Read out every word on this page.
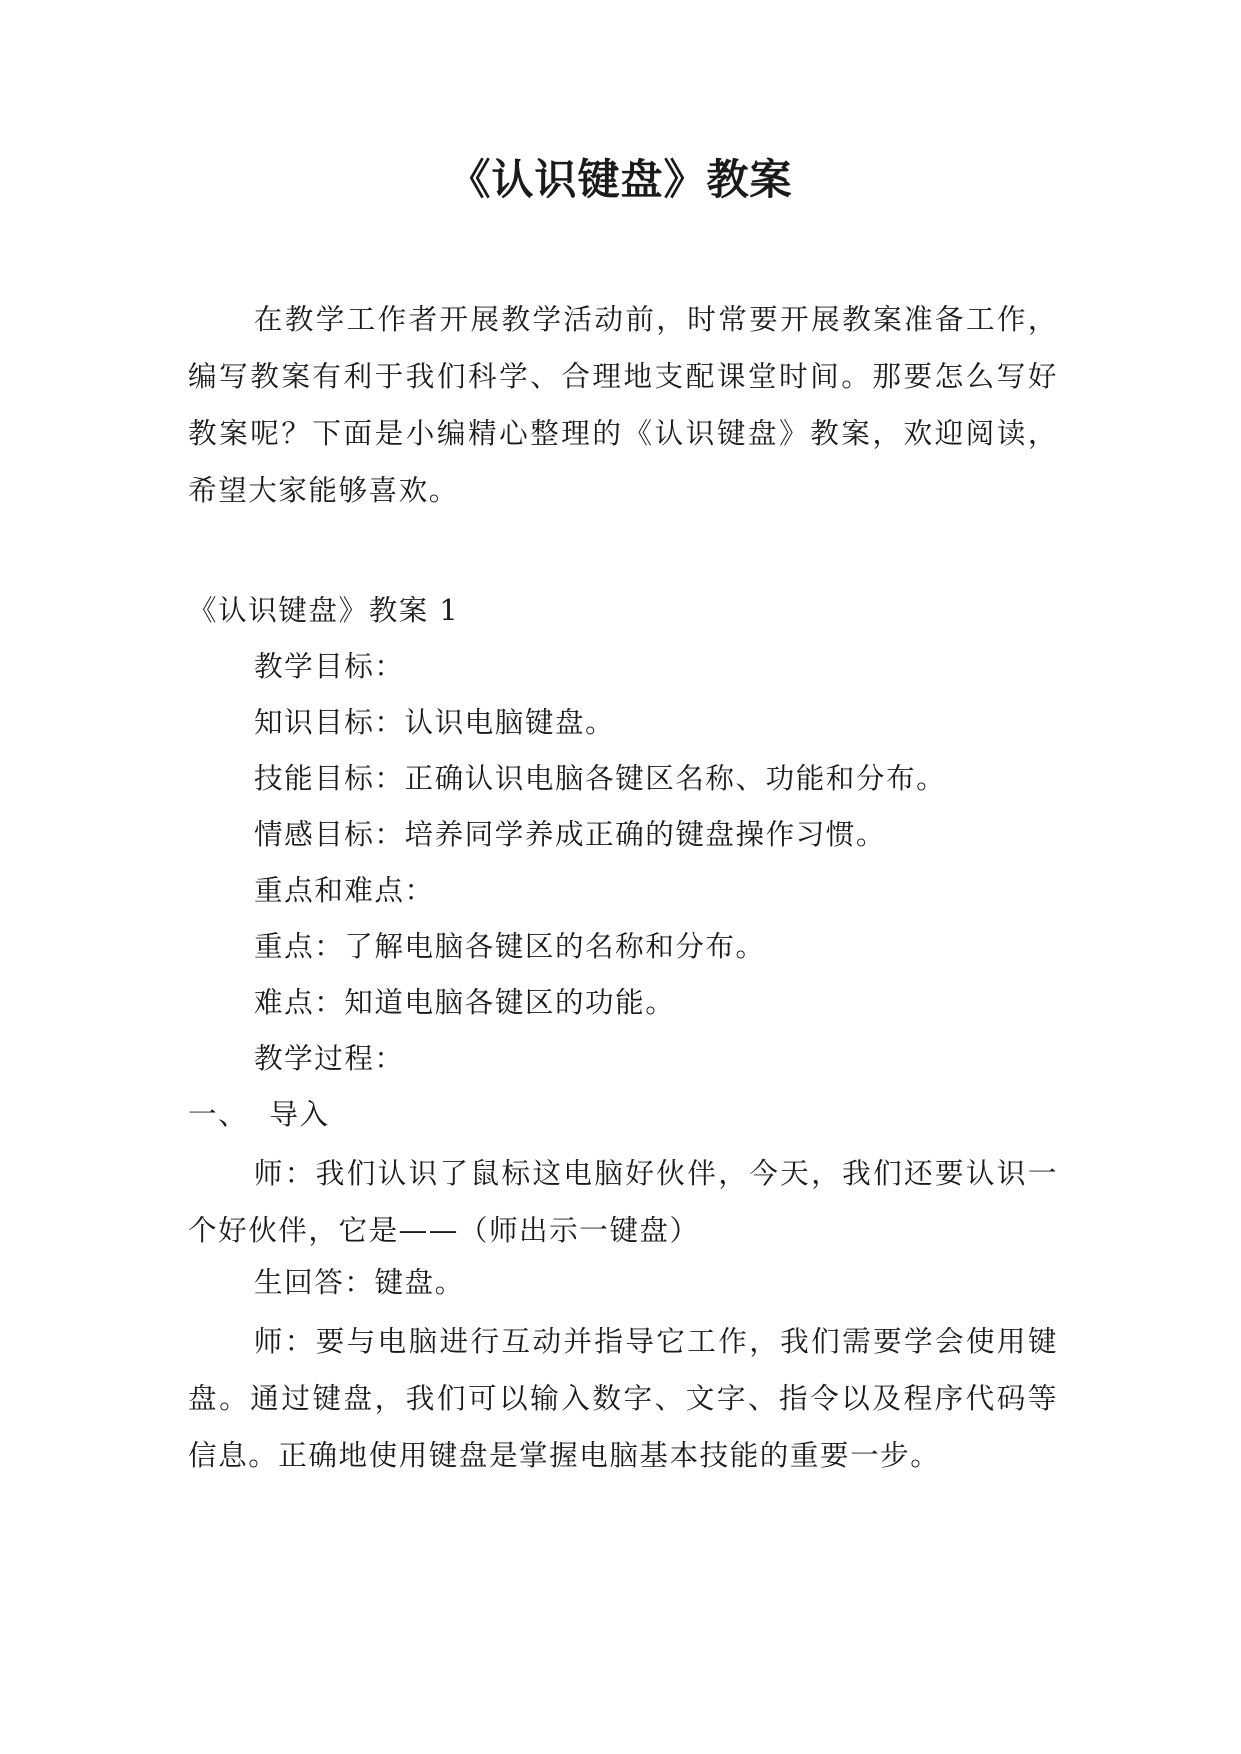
《认识键盘》教案
在教学工作者开展教学活动前，时常要开展教案准备工作，编写教案有利于我们科学、合理地支配课堂时间。那要怎么写好教案呢？下面是小编精心整理的《认识键盘》教案，欢迎阅读，希望大家能够喜欢。
《认识键盘》教案 1
教学目标：
知识目标：认识电脑键盘。
技能目标：正确认识电脑各键区名称、功能和分布。
情感目标：培养同学养成正确的键盘操作习惯。
重点和难点：
重点：了解电脑各键区的名称和分布。
难点：知道电脑各键区的功能。
教学过程：
一、  导入
师：我们认识了鼠标这电脑好伙伴，今天，我们还要认识一个好伙伴，它是——（师出示一键盘）
生回答：键盘。
师：要与电脑进行互动并指导它工作，我们需要学会使用键盘。通过键盘，我们可以输入数字、文字、指令以及程序代码等信息。正确地使用键盘是掌握电脑基本技能的重要一步。
